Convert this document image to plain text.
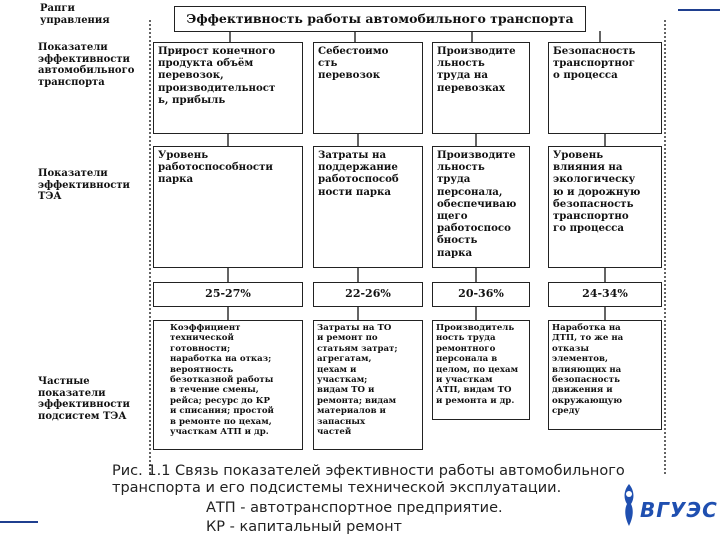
Рапги
управления	Эффективность работы автомобильного транспорта
Показатели
эффективности
автомобильного
транспорта
Показатели
эффективности
ТЭА
Частные
показатели
эффективности
подсистем ТЭА
Прирост конечного
продукта объём
перевозок,
производительност
ь, прибыль
Себестоимо
сть
перевозок
Производите
льность
труда на
перевозках
Безопасность
транспортног
о процесса
Уровень
работоспособности
парка
Затраты на
поддержание
работоспособ
ности парка
Производите
льность
труда
персонала,
обеспечиваю
щего
работоспосо
бность
парка
Уровень
влияния на
экологическу
ю и дорожную
безопасность
транспортно
го процесса
25-27%	22-26%	20-36%	24-34%
Коэффициент
технической
готовности;
наработка на отказ;
вероятность
безотказной работы
в течение смены,
рейса; ресурс до КР
и списания; простой
в ремонте по цехам,
участкам АТП и др.
Затраты на ТО
и ремонт по
статьям затрат;
агрегатам,
цехам и
участкам;
видам ТО и
ремонта; видам
материалов и
запасных
частей
Производитель
ность труда
ремонтного
персонала в
целом, по цехам
и участкам
АТП, видам ТО
и ремонта и др.
Наработка на
ДТП, то же на
отказы
элементов,
влияющих на
безопасность
движения и
окружающую
среду
Рис. 1.1 Связь показателей эфективности работы автомобильного
транспорта и его подсистемы технической эксплуатации.
АТП - автотранспортное предприятие.
КР - капитальный ремонт
ВГУЭС
